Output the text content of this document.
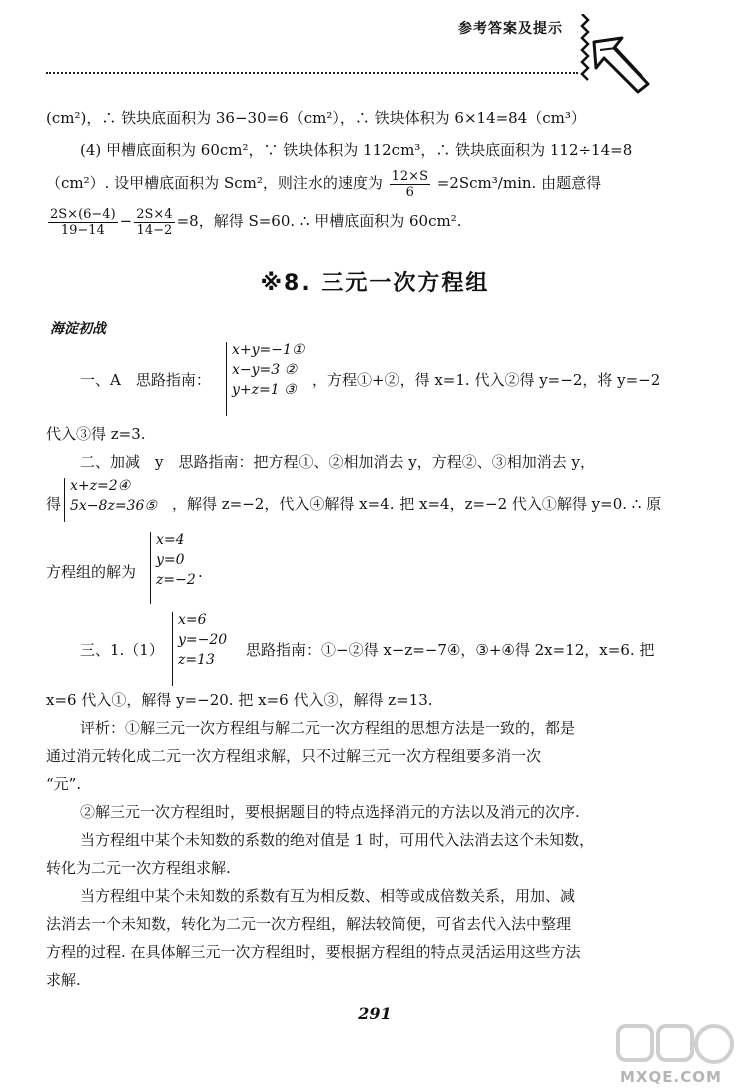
参考答案及提示
(cm²)，∴ 铁块底面积为 36−30=6（cm²），∴ 铁块体积为 6×14=84（cm³）
(4) 甲槽底面积为 60cm²，∵ 铁块体积为 112cm³，∴ 铁块底面积为 112÷14=8
（cm²）. 设甲槽底面积为 Scm²，则注水的速度为 $\frac{12\times S}{6} =2Scm^3/\min$. 由题意得
$\frac{2S\times(6-4)}{19-14} - \frac{2S\times 4}{14-2} =8$，解得 S=60. ∴ 甲槽底面积为 60cm².
※8. 三元一次方程组
海淀初战
一、A　思路指南：
x+y=−1①
x−y=3 ②
y+z=1 ③
，方程①+②，得 x=1. 代入②得 y=−2，将 y=−2
代入③得 z=3.
二、加减　y　思路指南：把方程①、②相加消去 y，方程②、③相加消去 y，
得
x+z=2④
5x−8z=36⑤ ，解得 z=−2，代入④解得 x=4. 把 x=4，z=−2 代入①解得 y=0. ∴ 原
方程组的解为
x=4
y=0
z=−2 .
三、1.（1）
x=6
y=−20
z=13
思路指南：①−②得 x−z=−7④，③+④得 2x=12，x=6. 把
x=6 代入①，解得 y=−20. 把 x=6 代入③，解得 z=13.
评析：①解三元一次方程组与解二元一次方程组的思想方法是一致的，都是
通过消元转化成二元一次方程组求解，只不过解三元一次方程组要多消一次
“元”.
②解三元一次方程组时，要根据题目的特点选择消元的方法以及消元的次序.
当方程组中某个未知数的系数的绝对值是 1 时，可用代入法消去这个未知数，
转化为二元一次方程组求解.
当方程组中某个未知数的系数有互为相反数、相等或成倍数关系，用加、减
法消去一个未知数，转化为二元一次方程组，解法较简便，可省去代入法中整理
方程的过程. 在具体解三元一次方程组时，要根据方程组的特点灵活运用这些方法
求解.
291
MXQE.COM
